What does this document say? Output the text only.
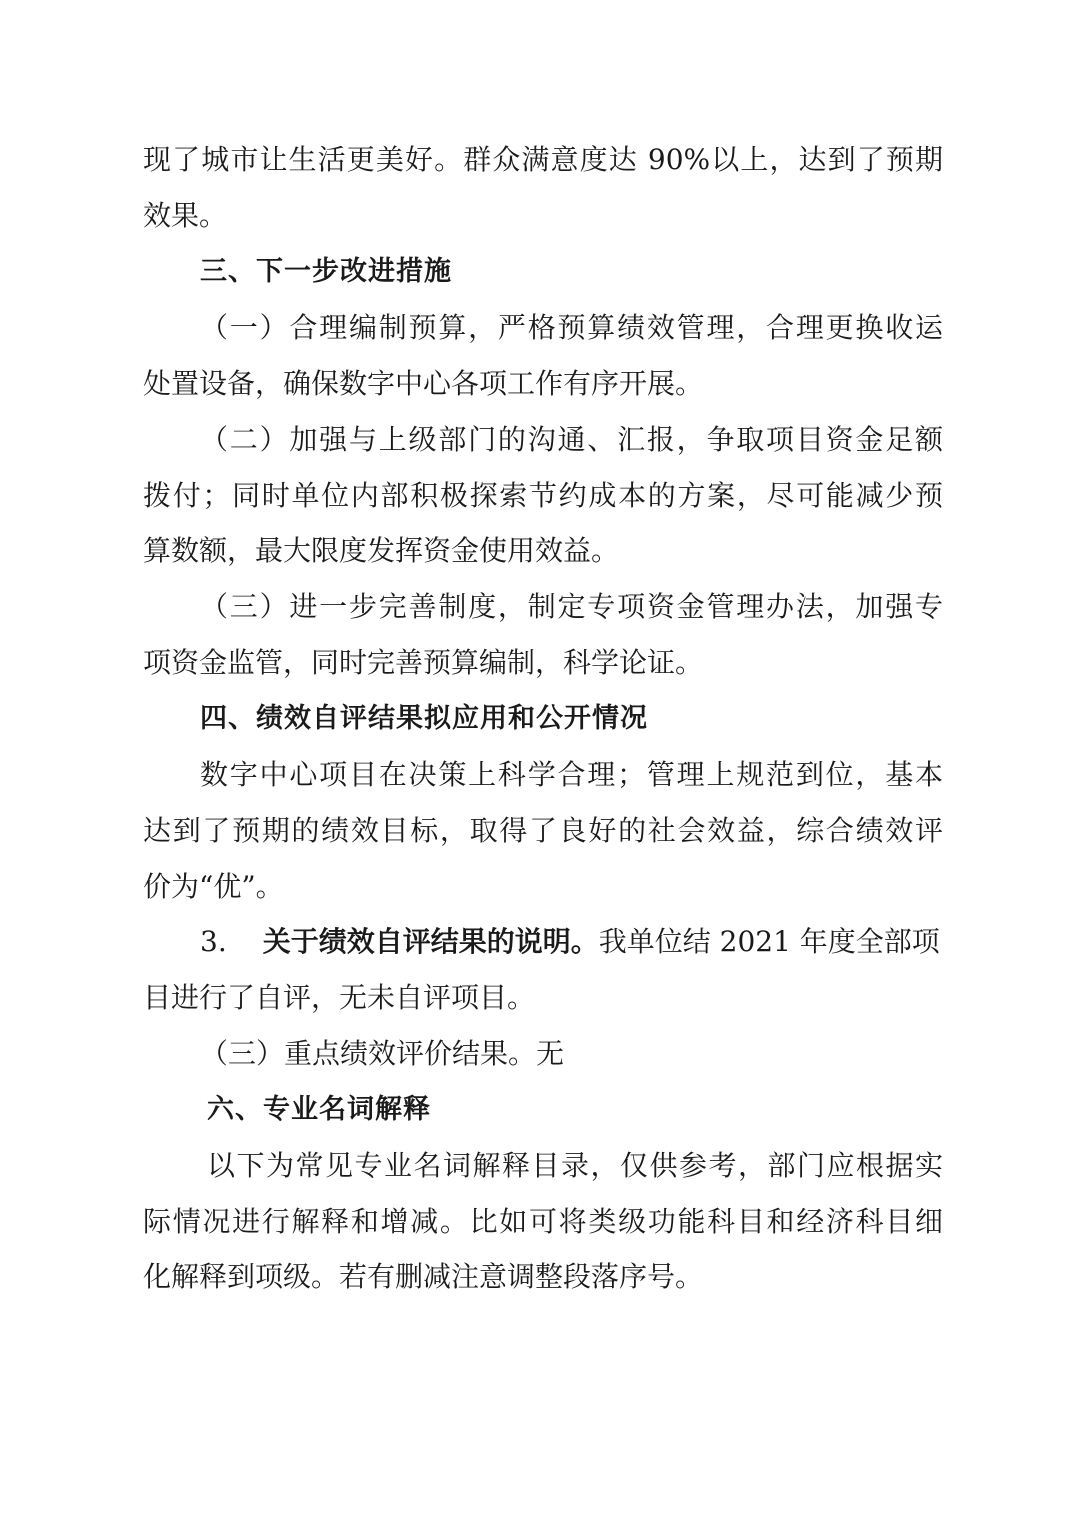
现了城市让生活更美好。群众满意度达 90%以上，达到了预期
效果。
三、下一步改进措施
（一）合理编制预算，严格预算绩效管理，合理更换收运
处置设备，确保数字中心各项工作有序开展。
（二）加强与上级部门的沟通、汇报，争取项目资金足额
拨付；同时单位内部积极探索节约成本的方案，尽可能减少预
算数额，最大限度发挥资金使用效益。
（三）进一步完善制度，制定专项资金管理办法，加强专
项资金监管，同时完善预算编制，科学论证。
四、绩效自评结果拟应用和公开情况
数字中心项目在决策上科学合理；管理上规范到位，基本
达到了预期的绩效目标，取得了良好的社会效益，综合绩效评
价为“优”。
3. 关于绩效自评结果的说明。我单位结 2021 年度全部项
目进行了自评，无未自评项目。
（三）重点绩效评价结果。无
六、专业名词解释
以下为常见专业名词解释目录，仅供参考，部门应根据实
际情况进行解释和增减。比如可将类级功能科目和经济科目细
化解释到项级。若有删减注意调整段落序号。
